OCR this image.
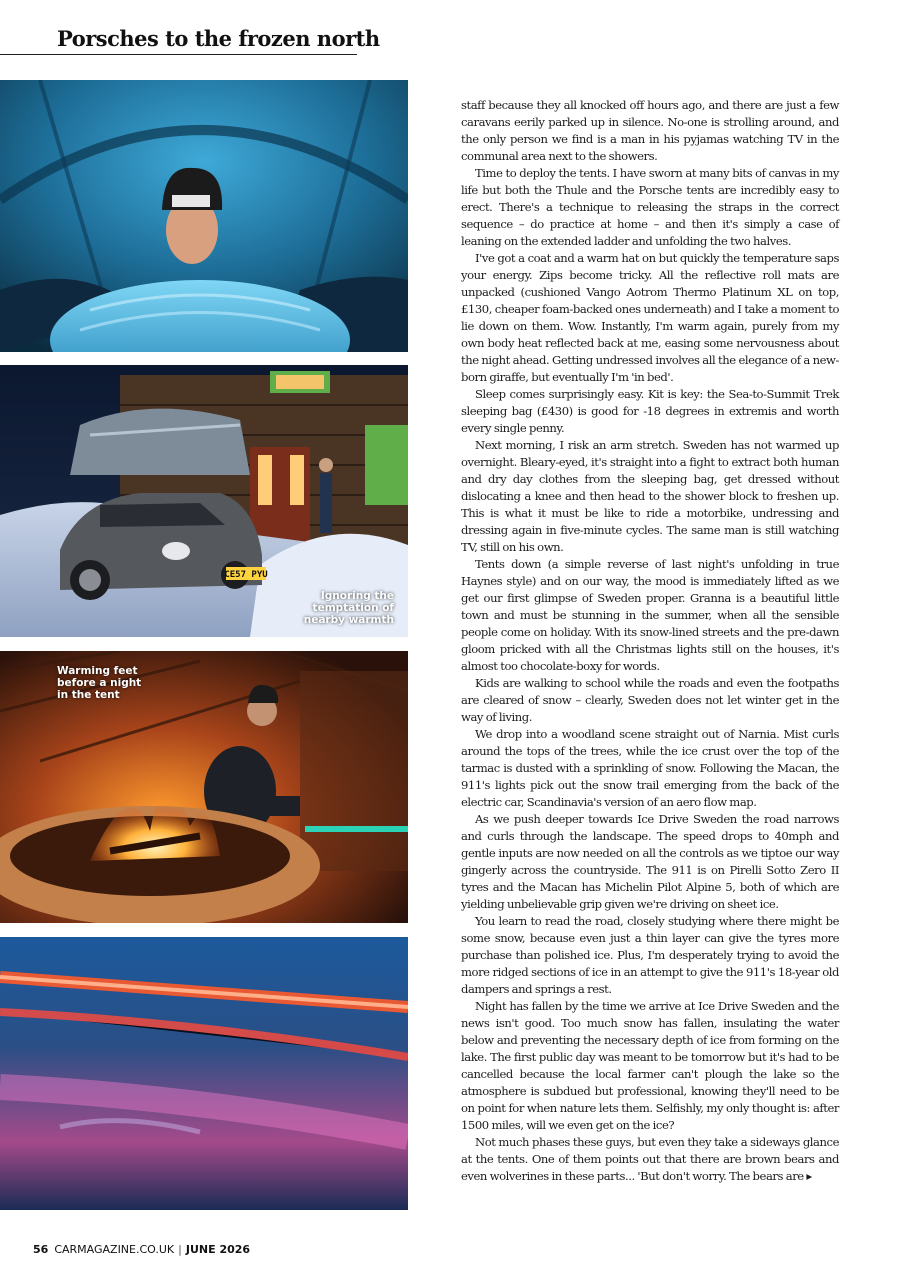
Porsches to the frozen north
CE57 PYU
Ignoring the
temptation of
nearby warmth
Warming feet
before a night
in the tent

staff because they all knocked off hours ago, and there are just a few caravans eerily parked up in silence. No-one is strolling around, and the only person we find is a man in his pyjamas watching TV in the communal area next to the showers.

Time to deploy the tents. I have sworn at many bits of canvas in my life but both the Thule and the Porsche tents are incredibly easy to erect. There's a technique to releasing the straps in the correct sequence – do practice at home – and then it's simply a case of leaning on the extended ladder and unfolding the two halves.

I've got a coat and a warm hat on but quickly the temperature saps your energy. Zips become tricky. All the reflective roll mats are unpacked (cushioned Vango Aotrom Thermo Platinum XL on top, £130, cheaper foam-backed ones underneath) and I take a moment to lie down on them. Wow. Instantly, I'm warm again, purely from my own body heat reflected back at me, easing some nervousness about the night ahead. Getting undressed involves all the elegance of a new-born giraffe, but eventually I'm 'in bed'.

Sleep comes surprisingly easy. Kit is key: the Sea-to-Summit Trek sleeping bag (£430) is good for -18 degrees in extremis and worth every single penny.

Next morning, I risk an arm stretch. Sweden has not warmed up overnight. Bleary-eyed, it's straight into a fight to extract both human and dry day clothes from the sleeping bag, get dressed without dislocating a knee and then head to the shower block to freshen up. This is what it must be like to ride a motorbike, undressing and dressing again in five-minute cycles. The same man is still watching TV, still on his own.

Tents down (a simple reverse of last night's unfolding in true Haynes style) and on our way, the mood is immediately lifted as we get our first glimpse of Sweden proper. Granna is a beautiful little town and must be stunning in the summer, when all the sensible people come on holiday. With its snow-lined streets and the pre-dawn gloom pricked with all the Christmas lights still on the houses, it's almost too chocolate-boxy for words.

Kids are walking to school while the roads and even the footpaths are cleared of snow – clearly, Sweden does not let winter get in the way of living.

We drop into a woodland scene straight out of Narnia. Mist curls around the tops of the trees, while the ice crust over the top of the tarmac is dusted with a sprinkling of snow. Following the Macan, the 911's lights pick out the snow trail emerging from the back of the electric car, Scandinavia's version of an aero flow map.

As we push deeper towards Ice Drive Sweden the road narrows and curls through the landscape. The speed drops to 40mph and gentle inputs are now needed on all the controls as we tiptoe our way gingerly across the countryside. The 911 is on Pirelli Sotto Zero II tyres and the Macan has Michelin Pilot Alpine 5, both of which are yielding unbelievable grip given we're driving on sheet ice.

You learn to read the road, closely studying where there might be some snow, because even just a thin layer can give the tyres more purchase than polished ice. Plus, I'm desperately trying to avoid the more ridged sections of ice in an attempt to give the 911's 18-year old dampers and springs a rest.

Night has fallen by the time we arrive at Ice Drive Sweden and the news isn't good. Too much snow has fallen, insulating the water below and preventing the necessary depth of ice from forming on the lake. The first public day was meant to be tomorrow but it's had to be cancelled because the local farmer can't plough the lake so the atmosphere is subdued but professional, knowing they'll need to be on point for when nature lets them. Selfishly, my only thought is: after 1500 miles, will we even get on the ice?

Not much phases these guys, but even they take a sideways glance at the tents. One of them points out that there are brown bears and even wolverines in these parts... 'But don't worry. The bears are ▸

56 CARMAGAZINE.CO.UK | JUNE 2026
